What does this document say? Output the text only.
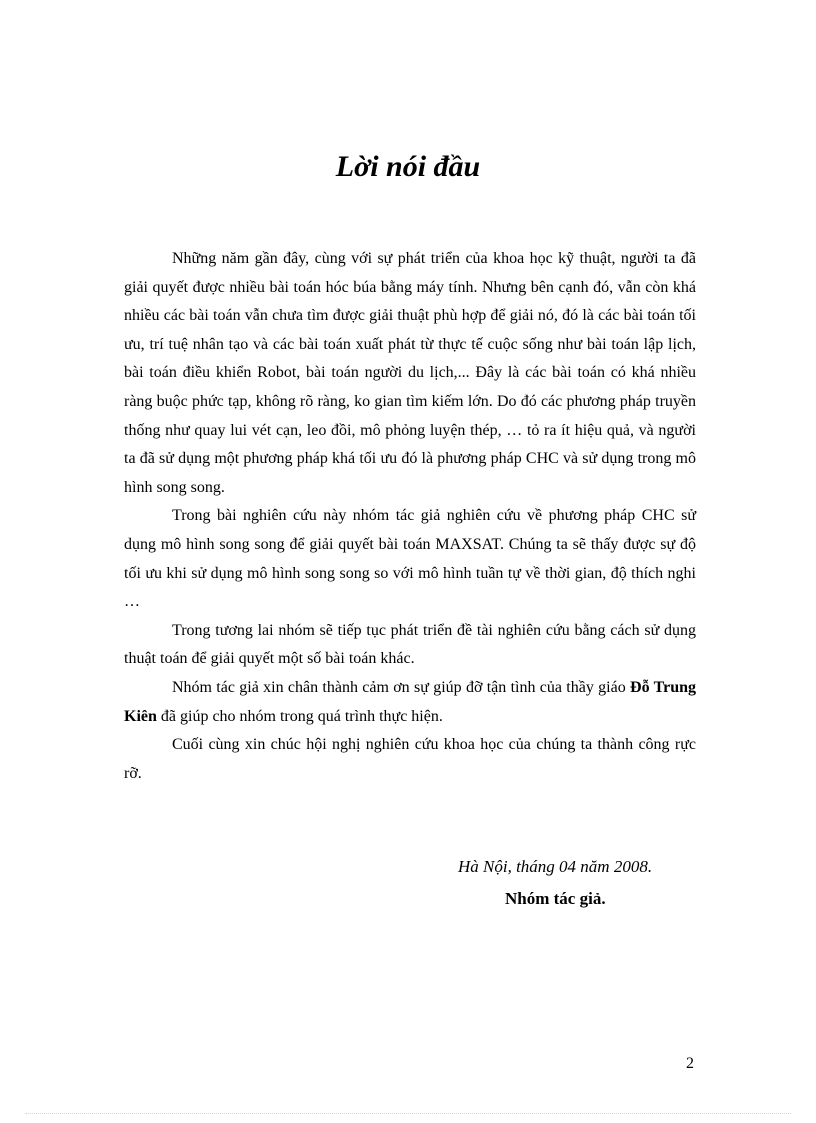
Lời nói đầu

Những năm gần đây, cùng với sự phát triển của khoa học kỹ thuật, người ta đã giải quyết được nhiều bài toán hóc búa bằng máy tính. Nhưng bên cạnh đó, vẫn còn khá nhiều các bài toán vẫn chưa tìm được giải thuật phù hợp để giải nó, đó là các bài toán tối ưu, trí tuệ nhân tạo và các bài toán xuất phát từ thực tế cuộc sống như bài toán lập lịch, bài toán điều khiển Robot, bài toán người du lịch,... Đây là các bài toán có khá nhiều ràng buộc phức tạp, không rõ ràng, ko gian tìm kiếm lớn. Do đó các phương pháp truyền thống như quay lui vét cạn, leo đồi, mô phỏng luyện thép, … tỏ ra ít hiệu quả, và người ta đã sử dụng một phương pháp khá tối ưu đó là phương pháp CHC và sử dụng trong mô hình song song.

Trong bài nghiên cứu này nhóm tác giả nghiên cứu về phương pháp CHC sử dụng mô hình song song để giải quyết bài toán MAXSAT. Chúng ta sẽ thấy được sự độ tối ưu khi sử dụng mô hình song song so với mô hình tuần tự về thời gian, độ thích nghi …

Trong tương lai nhóm sẽ tiếp tục phát triển đề tài nghiên cứu bằng cách sử dụng thuật toán để giải quyết một số bài toán khác.

Nhóm tác giả xin chân thành cảm ơn sự giúp đỡ tận tình của thầy giáo Đỗ Trung Kiên đã giúp cho nhóm trong quá trình thực hiện.

Cuối cùng xin chúc hội nghị nghiên cứu khoa học của chúng ta thành công rực rỡ.

Hà Nội, tháng 04 năm 2008.
Nhóm tác giả.
2
